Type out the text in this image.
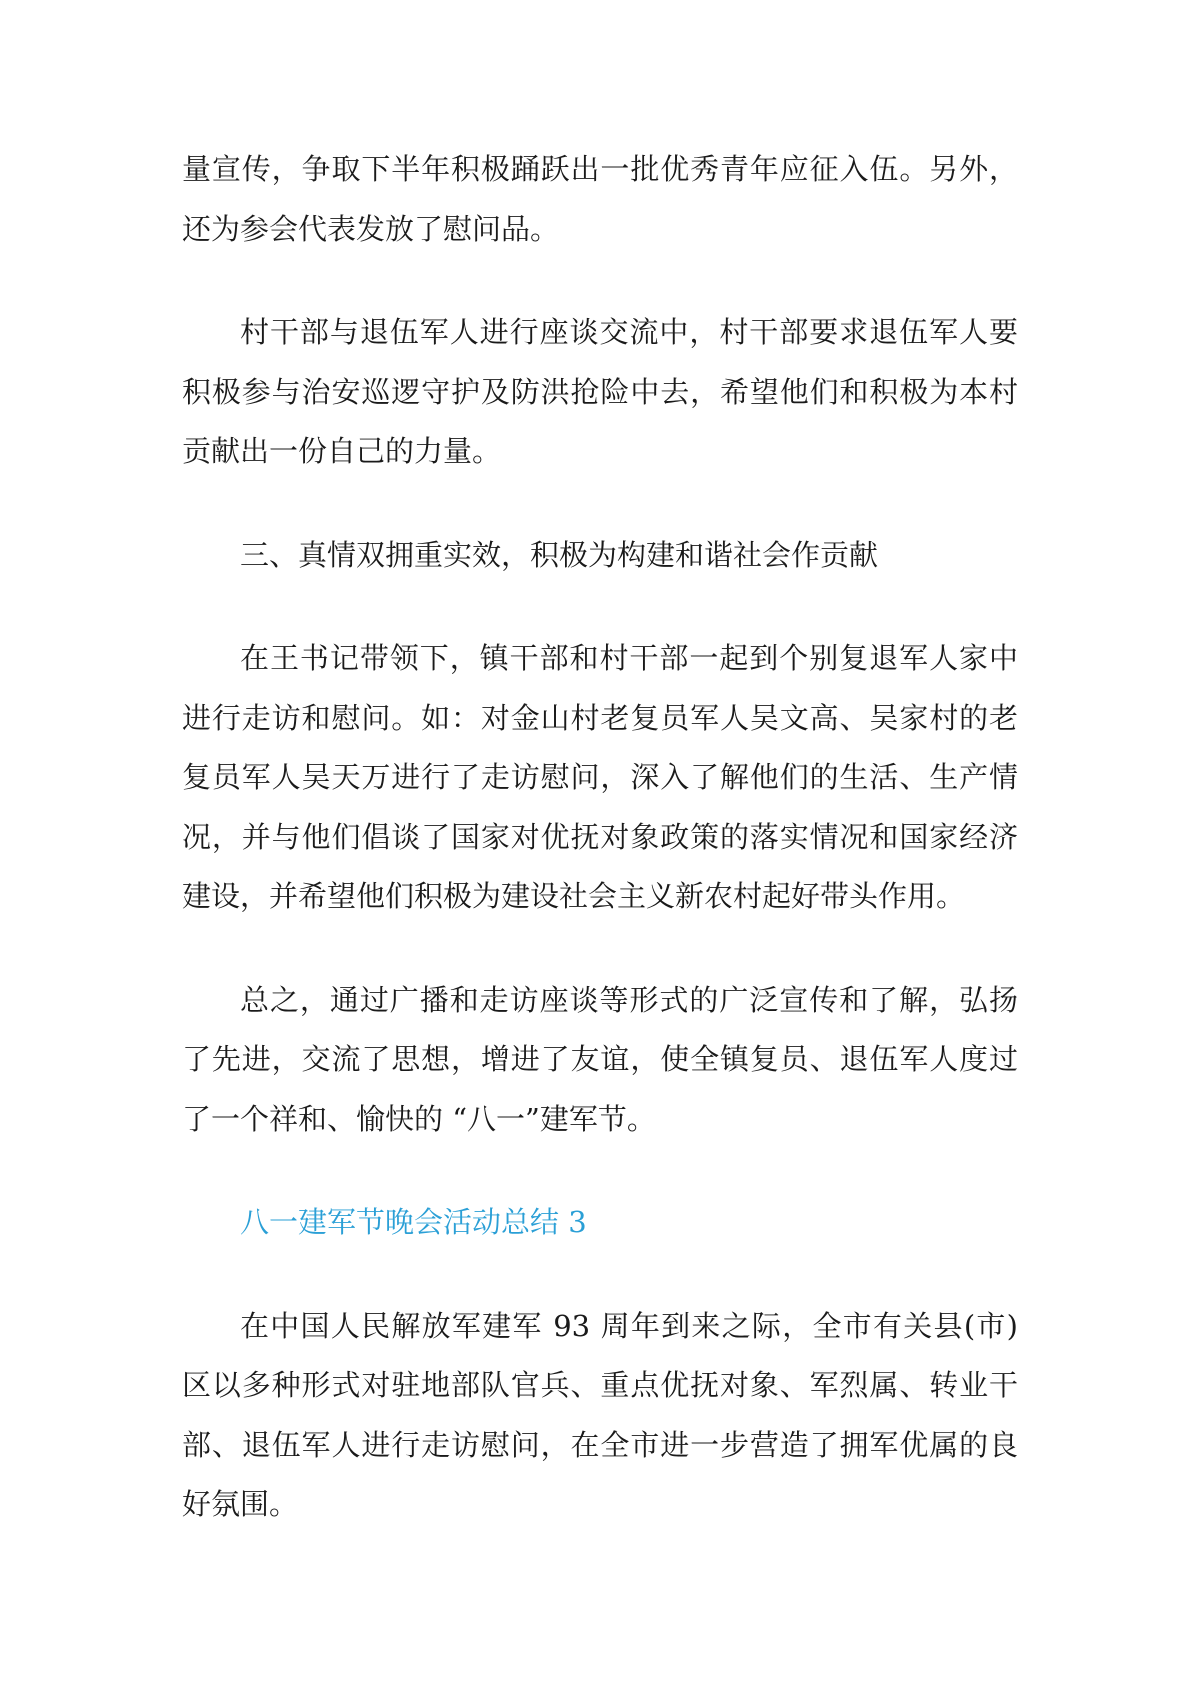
量宣传，争取下半年积极踊跃出一批优秀青年应征入伍。另外，
还为参会代表发放了慰问品。
村干部与退伍军人进行座谈交流中，村干部要求退伍军人要
积极参与治安巡逻守护及防洪抢险中去，希望他们和积极为本村
贡献出一份自己的力量。
三、真情双拥重实效，积极为构建和谐社会作贡献
在王书记带领下，镇干部和村干部一起到个别复退军人家中
进行走访和慰问。如：对金山村老复员军人吴文高、吴家村的老
复员军人吴天万进行了走访慰问，深入了解他们的生活、生产情
况，并与他们倡谈了国家对优抚对象政策的落实情况和国家经济
建设，并希望他们积极为建设社会主义新农村起好带头作用。
总之，通过广播和走访座谈等形式的广泛宣传和了解，弘扬
了先进，交流了思想，增进了友谊，使全镇复员、退伍军人度过
了一个祥和、愉快的 “八一”建军节。
八一建军节晚会活动总结 3
在中国人民解放军建军 93 周年到来之际，全市有关县(市)
区以多种形式对驻地部队官兵、重点优抚对象、军烈属、转业干
部、退伍军人进行走访慰问，在全市进一步营造了拥军优属的良
好氛围。
